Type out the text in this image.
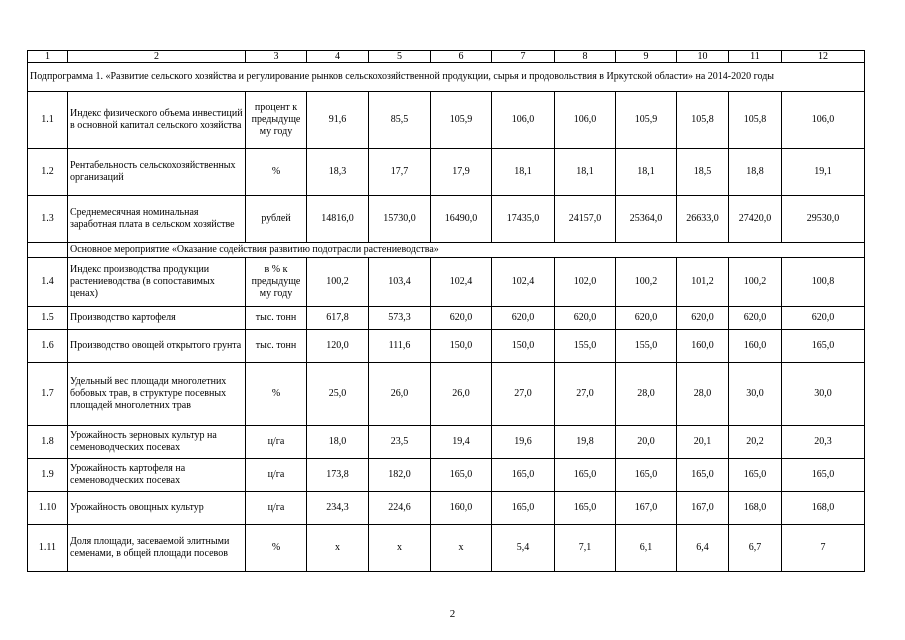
1	2	3	4	5	6	7	8	9	10	11	12
Подпрограмма 1. «Развитие сельского хозяйства и регулирование рынков сельскохозяйственной продукции, сырья и продовольствия в Иркутской области» на 2014-2020 годы											
1.1	Индекс физического объема инвестиций в основной капитал сельского хозяйства	процент к предыдуще му году	91,6	85,5	105,9	106,0	106,0	105,9	105,8	105,8	106,0
1.2	Рентабельность сельскохозяйственных организаций	%	18,3	17,7	17,9	18,1	18,1	18,1	18,5	18,8	19,1
1.3	Среднемесячная номинальная заработная плата в сельском хозяйстве	рублей	14816,0	15730,0	16490,0	17435,0	24157,0	25364,0	26633,0	27420,0	29530,0
	Основное мероприятие «Оказание содействия развитию подотрасли растениеводства»										
1.4	Индекс производства продукции растениеводства (в сопоставимых ценах)	в % к предыдуще му году	100,2	103,4	102,4	102,4	102,0	100,2	101,2	100,2	100,8
1.5	Производство картофеля	тыс. тонн	617,8	573,3	620,0	620,0	620,0	620,0	620,0	620,0	620,0
1.6	Производство овощей открытого грунта	тыс. тонн	120,0	111,6	150,0	150,0	155,0	155,0	160,0	160,0	165,0
1.7	Удельный вес площади многолетних бобовых трав, в структуре посевных площадей многолетних трав	%	25,0	26,0	26,0	27,0	27,0	28,0	28,0	30,0	30,0
1.8	Урожайность зерновых культур на семеноводческих посевах	ц/га	18,0	23,5	19,4	19,6	19,8	20,0	20,1	20,2	20,3
1.9	Урожайность картофеля на семеноводческих посевах	ц/га	173,8	182,0	165,0	165,0	165,0	165,0	165,0	165,0	165,0
1.10	Урожайность овощных культур	ц/га	234,3	224,6	160,0	165,0	165,0	167,0	167,0	168,0	168,0
1.11	Доля площади, засеваемой элитными семенами, в общей площади посевов	%	х	х	х	5,4	7,1	6,1	6,4	6,7	7
2
